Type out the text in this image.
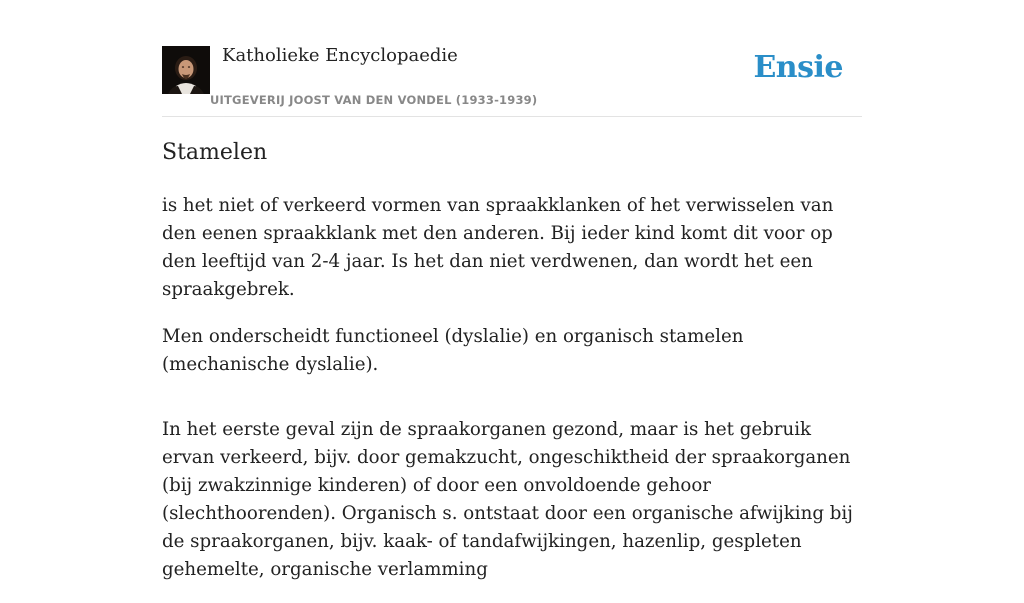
Katholieke Encyclopaedie
UITGEVERIJ JOOST VAN DEN VONDEL (1933-1939)
Ensie
Stamelen

is het niet of verkeerd vormen van spraakklanken of het verwisselen van den eenen spraakklank met den anderen. Bij ieder kind komt dit voor op den leeftijd van 2-4 jaar. Is het dan niet verdwenen, dan wordt het een spraakgebrek.

Men onderscheidt functioneel (dyslalie) en organisch stamelen (mechanische dyslalie).

In het eerste geval zijn de spraakorganen gezond, maar is het gebruik ervan verkeerd, bijv. door gemakzucht, ongeschiktheid der spraakorganen (bij zwakzinnige kinderen) of door een onvoldoende gehoor (slechthoorenden). Organisch s. ontstaat door een organische afwijking bij de spraakorganen, bijv. kaak- of tandafwijkingen, hazenlip, gespleten gehemelte, organische verlamming
